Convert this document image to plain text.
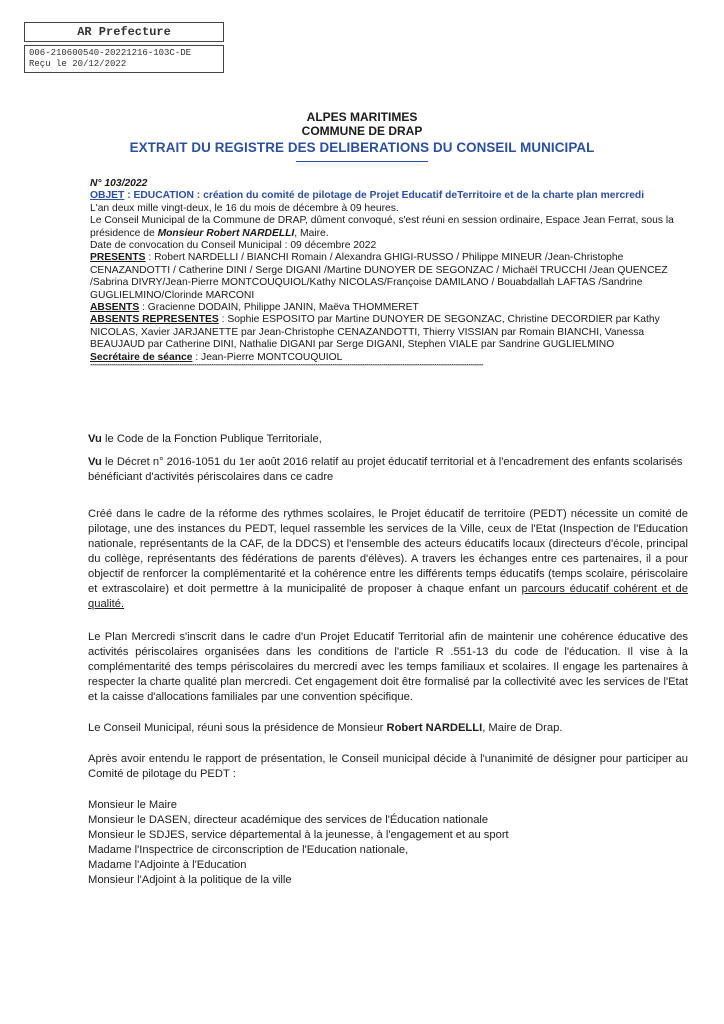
AR Prefecture
006-210600540-20221216-103C-DE
Reçu le 20/12/2022
ALPES MARITIMES
COMMUNE DE DRAP
EXTRAIT DU REGISTRE DES DELIBERATIONS DU CONSEIL MUNICIPAL
N° 103/2022
OBJET : EDUCATION : création du comité de pilotage de Projet Educatif deTerritoire et de la charte plan mercredi
L'an deux mille vingt-deux, le 16 du mois de décembre à 09 heures.
Le Conseil Municipal de la Commune de DRAP, dûment convoqué, s'est réuni en session ordinaire, Espace Jean Ferrat, sous la présidence de Monsieur Robert NARDELLI, Maire.
Date de convocation du Conseil Municipal : 09 décembre 2022
PRESENTS : Robert NARDELLI / BIANCHI Romain / Alexandra GHIGI-RUSSO / Philippe MINEUR /Jean-Christophe CENAZANDOTTI / Catherine DINI / Serge DIGANI /Martine DUNOYER DE SEGONZAC / Michaël TRUCCHI /Jean QUENCEZ /Sabrina DIVRY/Jean-Pierre MONTCOUQUIOL/Kathy NICOLAS/Françoise DAMILANO / Bouabdallah LAFTAS /Sandrine GUGLIELMINO/Clorinde MARCONI
ABSENTS : Gracienne DODAIN, Philippe JANIN, Maëva THOMMERET
ABSENTS REPRESENTES : Sophie ESPOSITO par Martine DUNOYER DE SEGONZAC, Christine DECORDIER par Kathy NICOLAS, Xavier JARJANETTE par Jean-Christophe CENAZANDOTTI, Thierry VISSIAN par Romain BIANCHI, Vanessa BEAUJAUD par Catherine DINI, Nathalie DIGANI par Serge DIGANI, Stephen VIALE par Sandrine GUGLIELMINO
Secrétaire de séance : Jean-Pierre MONTCOUQUIOL
*****************************************************************************************************************************************************************************************

Vu le Code de la Fonction Publique Territoriale,

Vu le Décret n° 2016-1051 du 1er août 2016 relatif au projet éducatif territorial et à l'encadrement des enfants scolarisés bénéficiant d'activités périscolaires dans ce cadre

Créé dans le cadre de la réforme des rythmes scolaires, le Projet éducatif de territoire (PEDT) nécessite un comité de pilotage, une des instances du PEDT, lequel rassemble les services de la Ville, ceux de l'Etat (Inspection de l'Education nationale, représentants de la CAF, de la DDCS) et l'ensemble des acteurs éducatifs locaux (directeurs d'école, principal du collège, représentants des fédérations de parents d'élèves). A travers les échanges entre ces partenaires, il a pour objectif de renforcer la complémentarité et la cohérence entre les différents temps éducatifs (temps scolaire, périscolaire et extrascolaire) et doit permettre à la municipalité de proposer à chaque enfant un parcours éducatif cohérent et de qualité.

Le Plan Mercredi s'inscrit dans le cadre d'un Projet Educatif Territorial afin de maintenir une cohérence éducative des activités périscolaires organisées dans les conditions de l'article R .551-13 du code de l'éducation. Il vise à la complémentarité des temps périscolaires du mercredi avec les temps familiaux et scolaires. Il engage les partenaires à respecter la charte qualité plan mercredi. Cet engagement doit être formalisé par la collectivité avec les services de l'Etat et la caisse d'allocations familiales par une convention spécifique.

Le Conseil Municipal, réuni sous la présidence de Monsieur Robert NARDELLI, Maire de Drap.

Après avoir entendu le rapport de présentation, le Conseil municipal décide à l'unanimité de désigner pour participer au Comité de pilotage du PEDT :

Monsieur le Maire
Monsieur le DASEN, directeur académique des services de l'Éducation nationale
Monsieur le SDJES, service départemental à la jeunesse, à l'engagement et au sport
Madame l'Inspectrice de circonscription de l'Education nationale,
Madame l'Adjointe à l'Education
Monsieur l'Adjoint à la politique de la ville
